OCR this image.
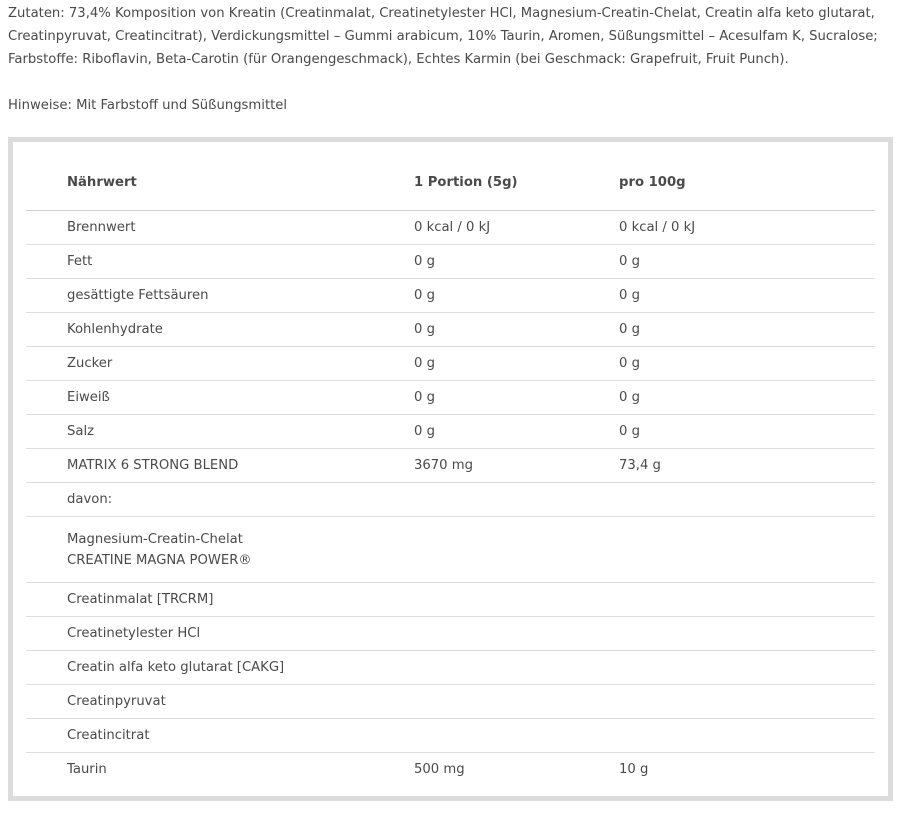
Zutaten: 73,4% Komposition von Kreatin (Creatinmalat, Creatinetylester HCl, Magnesium-Creatin-Chelat, Creatin alfa keto glutarat, Creatinpyruvat, Creatincitrat), Verdickungsmittel – Gummi arabicum, 10% Taurin, Aromen, Süßungsmittel – Acesulfam K, Sucralose; Farbstoffe: Riboflavin, Beta-Carotin (für Orangengeschmack), Echtes Karmin (bei Geschmack: Grapefruit, Fruit Punch).

Hinweise: Mit Farbstoff und Süßungsmittel

Nährwert	1 Portion (5g)	pro 100g
Brennwert	0 kcal / 0 kJ	0 kcal / 0 kJ
Fett	0 g	0 g
gesättigte Fettsäuren	0 g	0 g
Kohlenhydrate	0 g	0 g
Zucker	0 g	0 g
Eiweiß	0 g	0 g
Salz	0 g	0 g
MATRIX 6 STRONG BLEND	3670 mg	73,4 g
davon:		

Magnesium-Creatin-Chelat
CREATINE MAGNA POWER®		

Creatinmalat [TRCRM]		
Creatinetylester HCl		
Creatin alfa keto glutarat [CAKG]		
Creatinpyruvat		
Creatincitrat		
Taurin	500 mg	10 g
